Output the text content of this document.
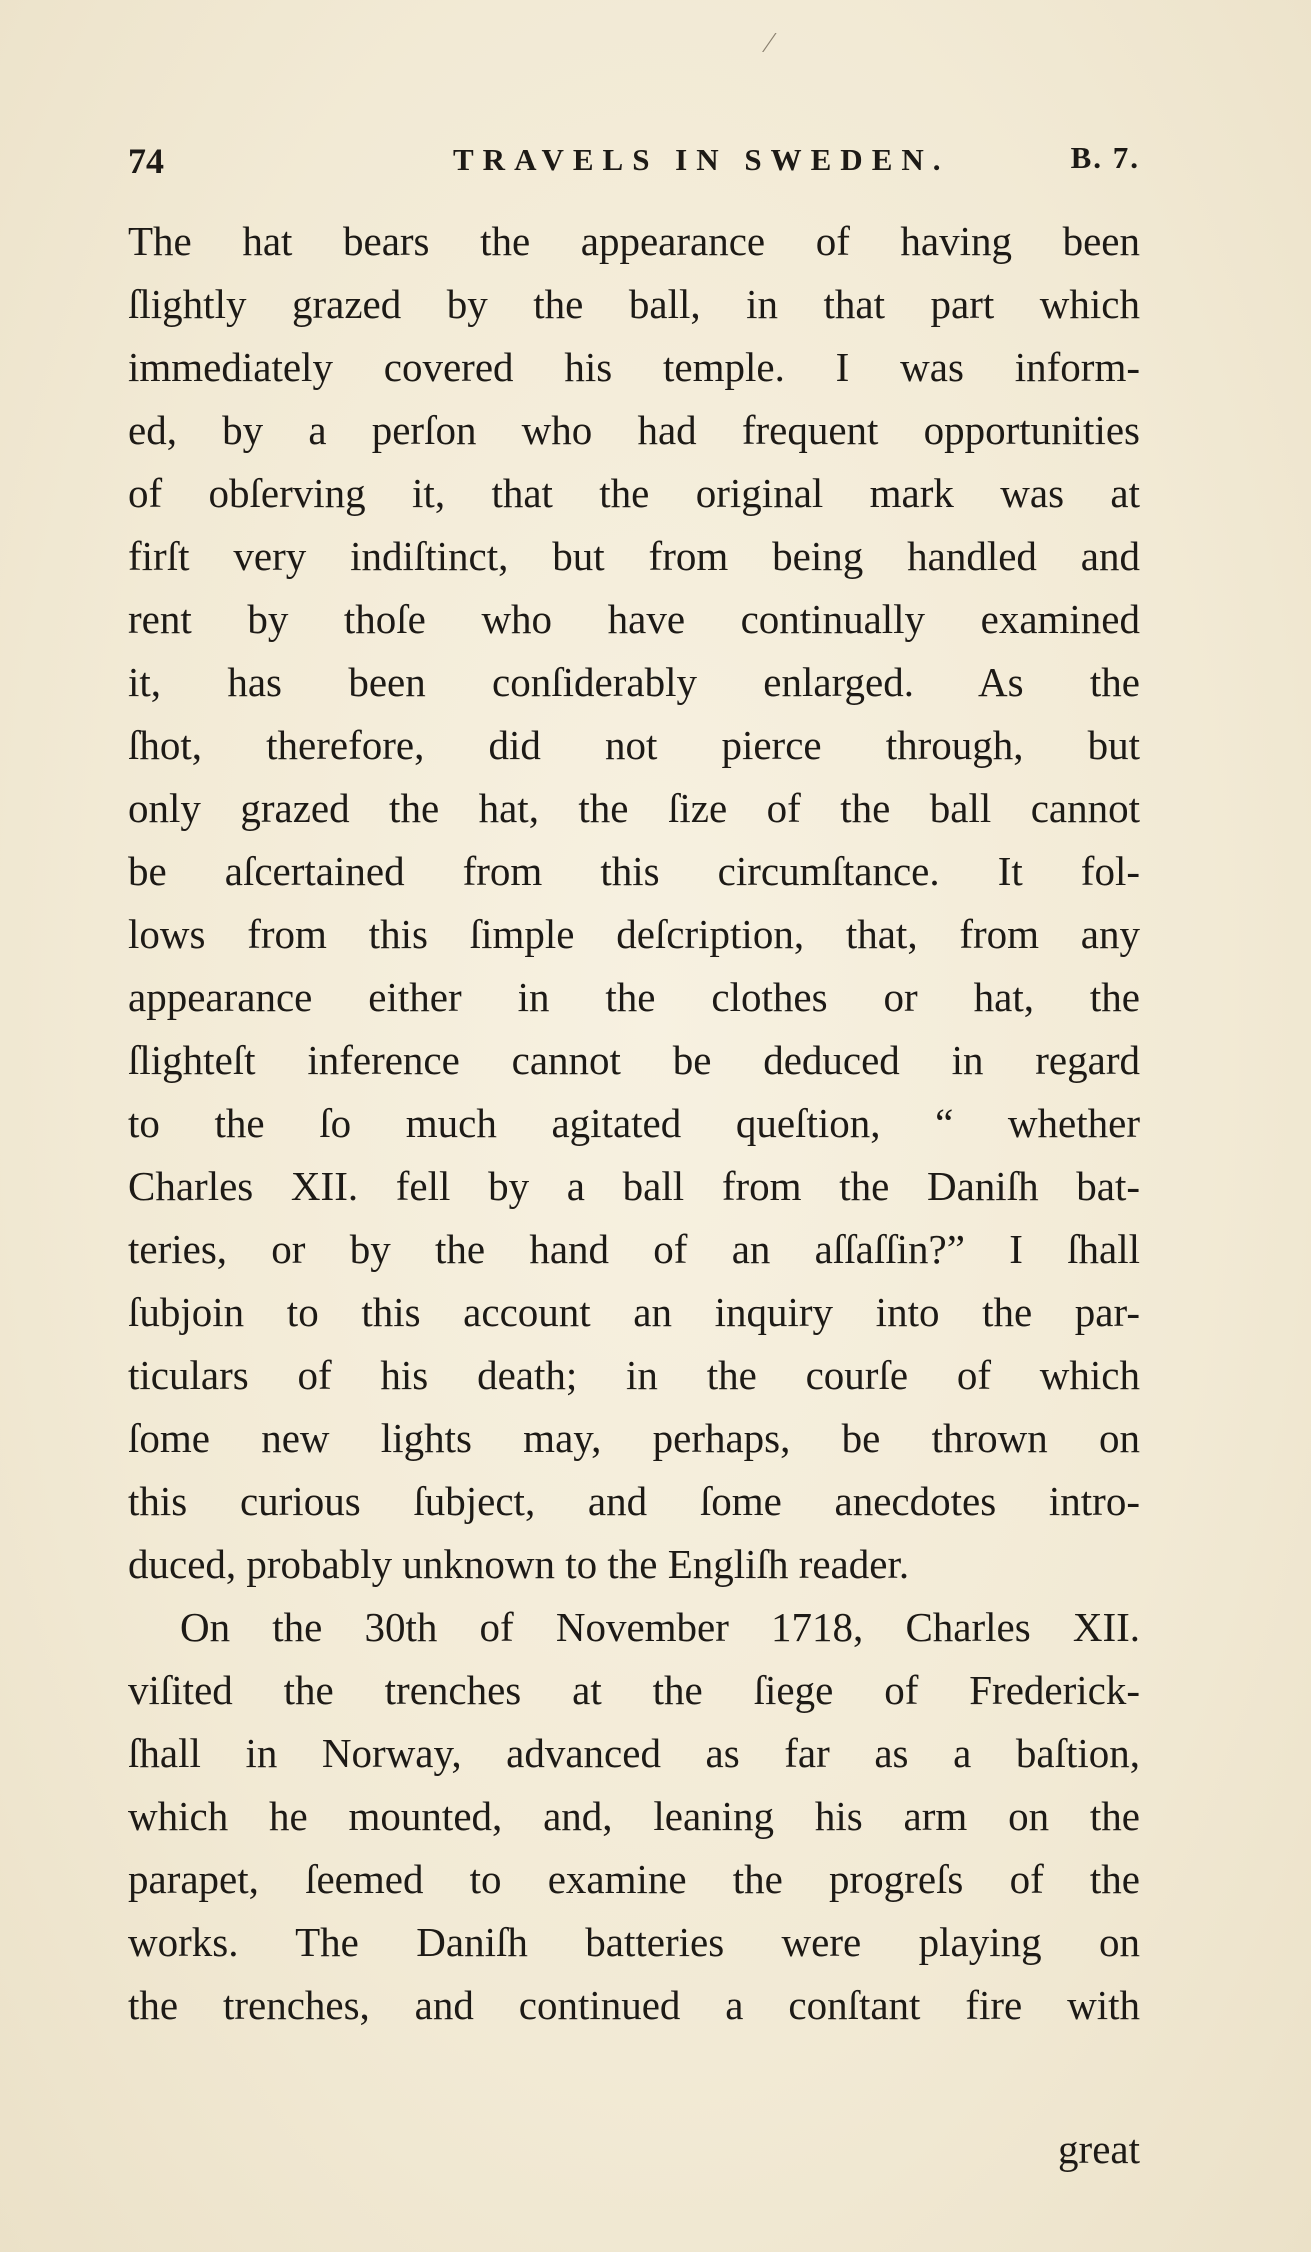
⁄
74	TRAVELS IN SWEDEN.	B. 7.
The hat bears the appearance of having been
ſlightly grazed by the ball, in that part which
immediately covered his temple. I was inform-
ed, by a perſon who had frequent opportunities
of obſerving it, that the original mark was at
firſt very indiſtinct, but from being handled and
rent by thoſe who have continually examined
it, has been conſiderably enlarged. As the
ſhot, therefore, did not pierce through, but
only grazed the hat, the ſize of the ball cannot
be aſcertained from this circumſtance. It fol-
lows from this ſimple deſcription, that, from any
appearance either in the clothes or hat, the
ſlighteſt inference cannot be deduced in regard
to the ſo much agitated queſtion, “ whether
Charles XII. fell by a ball from the Daniſh bat-
teries, or by the hand of an aſſaſſin?” I ſhall
ſubjoin to this account an inquiry into the par-
ticulars of his death; in the courſe of which
ſome new lights may, perhaps, be thrown on
this curious ſubject, and ſome anecdotes intro-
duced, probably unknown to the Engliſh reader.
On the 30th of November 1718, Charles XII.
viſited the trenches at the ſiege of Frederick-
ſhall in Norway, advanced as far as a baſtion,
which he mounted, and, leaning his arm on the
parapet, ſeemed to examine the progreſs of the
works. The Daniſh batteries were playing on
the trenches, and continued a conſtant fire with
great
